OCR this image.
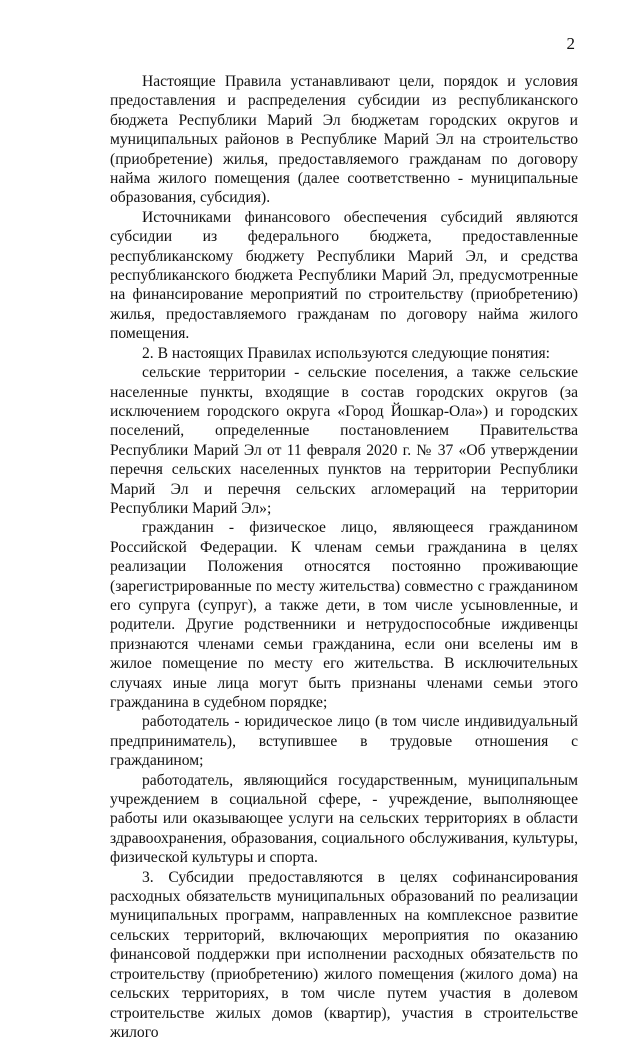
2

Настоящие Правила устанавливают цели, порядок и условия предоставления и распределения субсидии из республиканского бюджета Республики Марий Эл бюджетам городских округов и муниципальных районов в Республике Марий Эл на строительство (приобретение) жилья, предоставляемого гражданам по договору найма жилого помещения (далее соответственно - муниципальные образования, субсидия).

Источниками финансового обеспечения субсидий являются субсидии из федерального бюджета, предоставленные республиканскому бюджету Республики Марий Эл, и средства республиканского бюджета Республики Марий Эл, предусмотренные на финансирование мероприятий по строительству (приобретению) жилья, предоставляемого гражданам по договору найма жилого помещения.

2. В настоящих Правилах используются следующие понятия:

сельские территории - сельские поселения, а также сельские населенные пункты, входящие в состав городских округов (за исключением городского округа «Город Йошкар-Ола») и городских поселений, определенные постановлением Правительства Республики Марий Эл от 11 февраля 2020 г. № 37 «Об утверждении перечня сельских населенных пунктов на территории Республики Марий Эл и перечня сельских агломераций на территории Республики Марий Эл»;

гражданин - физическое лицо, являющееся гражданином Российской Федерации. К членам семьи гражданина в целях реализации Положения относятся постоянно проживающие (зарегистрированные по месту жительства) совместно с гражданином его супруга (супруг), а также дети, в том числе усыновленные, и родители. Другие родственники и нетрудоспособные иждивенцы признаются членами семьи гражданина, если они вселены им в жилое помещение по месту его жительства. В исключительных случаях иные лица могут быть признаны членами семьи этого гражданина в судебном порядке;

работодатель - юридическое лицо (в том числе индивидуальный предприниматель), вступившее в трудовые отношения с гражданином;

работодатель, являющийся государственным, муниципальным учреждением в социальной сфере, - учреждение, выполняющее работы или оказывающее услуги на сельских территориях в области здравоохранения, образования, социального обслуживания, культуры, физической культуры и спорта.

3. Субсидии предоставляются в целях софинансирования расходных обязательств муниципальных образований по реализации муниципальных программ, направленных на комплексное развитие сельских территорий, включающих мероприятия по оказанию финансовой поддержки при исполнении расходных обязательств по строительству (приобретению) жилого помещения (жилого дома) на сельских территориях, в том числе путем участия в долевом строительстве жилых домов (квартир), участия в строительстве жилого
